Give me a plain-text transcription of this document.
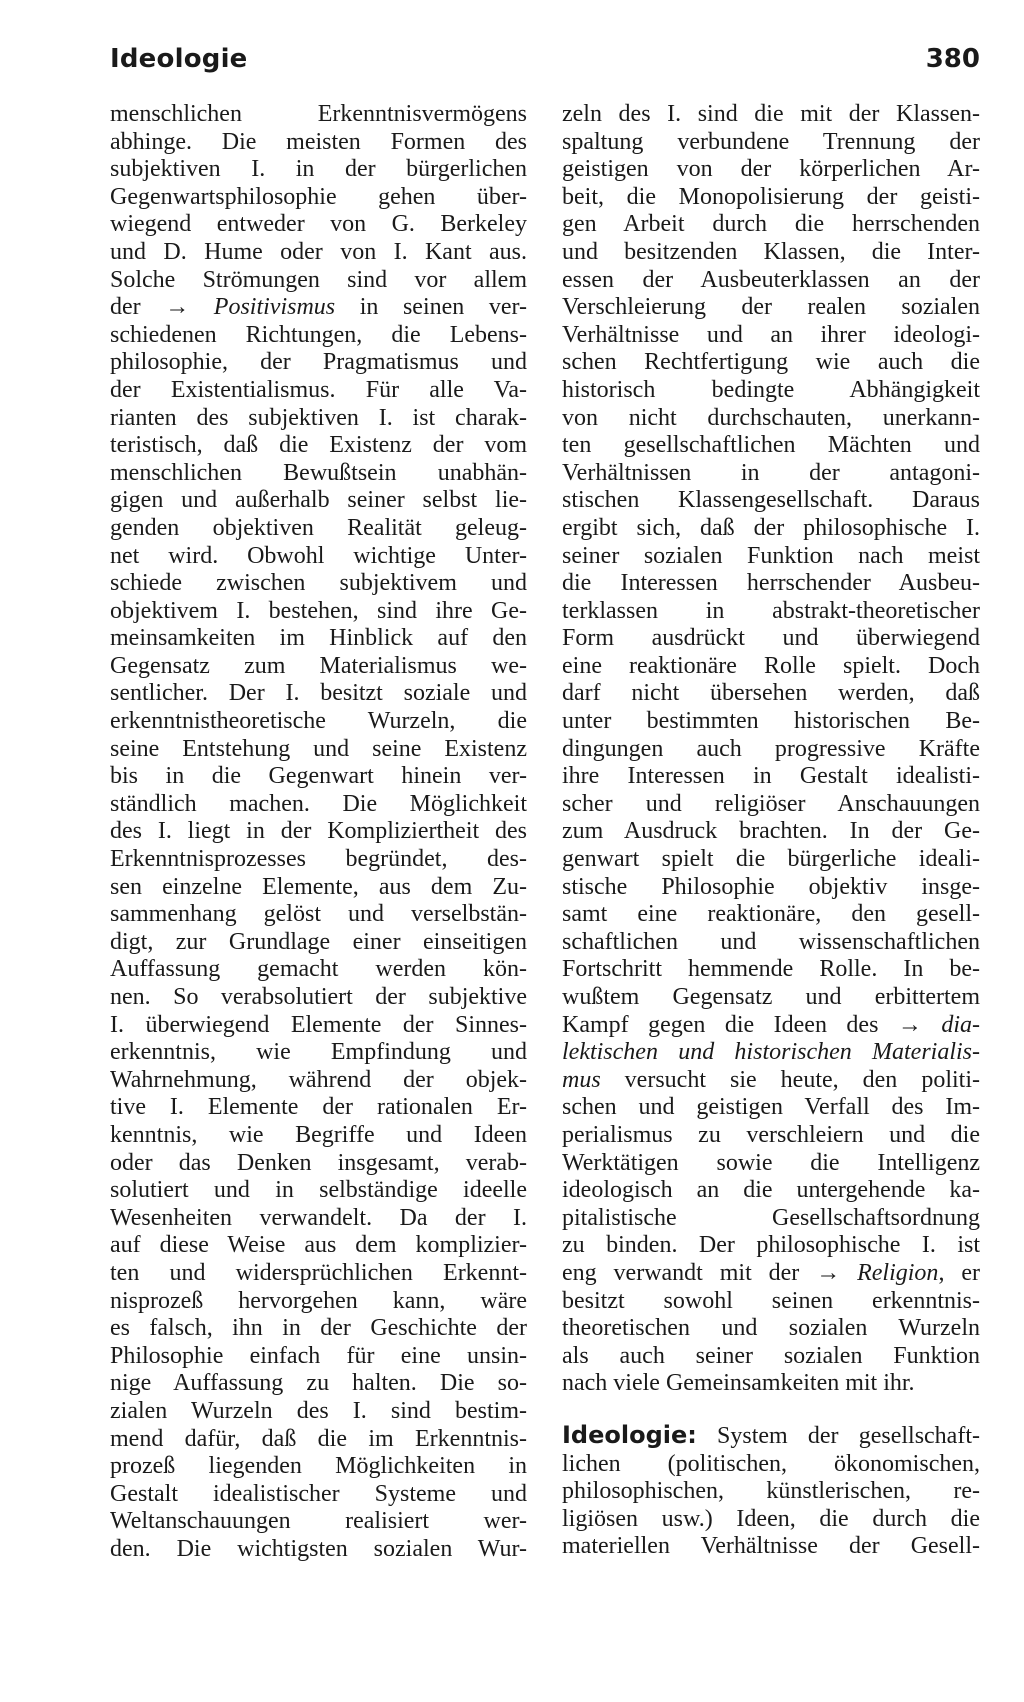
Ideologie	380
menschlichen Erkenntnisvermögens
abhinge. Die meisten Formen des
subjektiven I. in der bürgerlichen
Gegenwartsphilosophie gehen über-
wiegend entweder von G. Berkeley
und D. Hume oder von I. Kant aus.
Solche Strömungen sind vor allem
der → Positivismus in seinen ver-
schiedenen Richtungen, die Lebens-
philosophie, der Pragmatismus und
der Existentialismus. Für alle Va-
rianten des subjektiven I. ist charak-
teristisch, daß die Existenz der vom
menschlichen Bewußtsein unabhän-
gigen und außerhalb seiner selbst lie-
genden objektiven Realität geleug-
net wird. Obwohl wichtige Unter-
schiede zwischen subjektivem und
objektivem I. bestehen, sind ihre Ge-
meinsamkeiten im Hinblick auf den
Gegensatz zum Materialismus we-
sentlicher. Der I. besitzt soziale und
erkenntnistheoretische Wurzeln, die
seine Entstehung und seine Existenz
bis in die Gegenwart hinein ver-
ständlich machen. Die Möglichkeit
des I. liegt in der Kompliziertheit des
Erkenntnisprozesses begründet, des-
sen einzelne Elemente, aus dem Zu-
sammenhang gelöst und verselbstän-
digt, zur Grundlage einer einseitigen
Auffassung gemacht werden kön-
nen. So verabsolutiert der subjektive
I. überwiegend Elemente der Sinnes-
erkenntnis, wie Empfindung und
Wahrnehmung, während der objek-
tive I. Elemente der rationalen Er-
kenntnis, wie Begriffe und Ideen
oder das Denken insgesamt, verab-
solutiert und in selbständige ideelle
Wesenheiten verwandelt. Da der I.
auf diese Weise aus dem komplizier-
ten und widersprüchlichen Erkennt-
nisprozeß hervorgehen kann, wäre
es falsch, ihn in der Geschichte der
Philosophie einfach für eine unsin-
nige Auffassung zu halten. Die so-
zialen Wurzeln des I. sind bestim-
mend dafür, daß die im Erkenntnis-
prozeß liegenden Möglichkeiten in
Gestalt idealistischer Systeme und
Weltanschauungen realisiert wer-
den. Die wichtigsten sozialen Wur-
zeln des I. sind die mit der Klassen-
spaltung verbundene Trennung der
geistigen von der körperlichen Ar-
beit, die Monopolisierung der geisti-
gen Arbeit durch die herrschenden
und besitzenden Klassen, die Inter-
essen der Ausbeuterklassen an der
Verschleierung der realen sozialen
Verhältnisse und an ihrer ideologi-
schen Rechtfertigung wie auch die
historisch bedingte Abhängigkeit
von nicht durchschauten, unerkann-
ten gesellschaftlichen Mächten und
Verhältnissen in der antagoni-
stischen Klassengesellschaft. Daraus
ergibt sich, daß der philosophische I.
seiner sozialen Funktion nach meist
die Interessen herrschender Ausbeu-
terklassen in abstrakt-theoretischer
Form ausdrückt und überwiegend
eine reaktionäre Rolle spielt. Doch
darf nicht übersehen werden, daß
unter bestimmten historischen Be-
dingungen auch progressive Kräfte
ihre Interessen in Gestalt idealisti-
scher und religiöser Anschauungen
zum Ausdruck brachten. In der Ge-
genwart spielt die bürgerliche ideali-
stische Philosophie objektiv insge-
samt eine reaktionäre, den gesell-
schaftlichen und wissenschaftlichen
Fortschritt hemmende Rolle. In be-
wußtem Gegensatz und erbittertem
Kampf gegen die Ideen des → dia-
lektischen und historischen Materialis-
mus versucht sie heute, den politi-
schen und geistigen Verfall des Im-
perialismus zu verschleiern und die
Werktätigen sowie die Intelligenz
ideologisch an die untergehende ka-
pitalistische Gesellschaftsordnung
zu binden. Der philosophische I. ist
eng verwandt mit der → Religion, er
besitzt sowohl seinen erkenntnis-
theoretischen und sozialen Wurzeln
als auch seiner sozialen Funktion
nach viele Gemeinsamkeiten mit ihr.
Ideologie: System der gesellschaft-
lichen (politischen, ökonomischen,
philosophischen, künstlerischen, re-
ligiösen usw.) Ideen, die durch die
materiellen Verhältnisse der Gesell-
